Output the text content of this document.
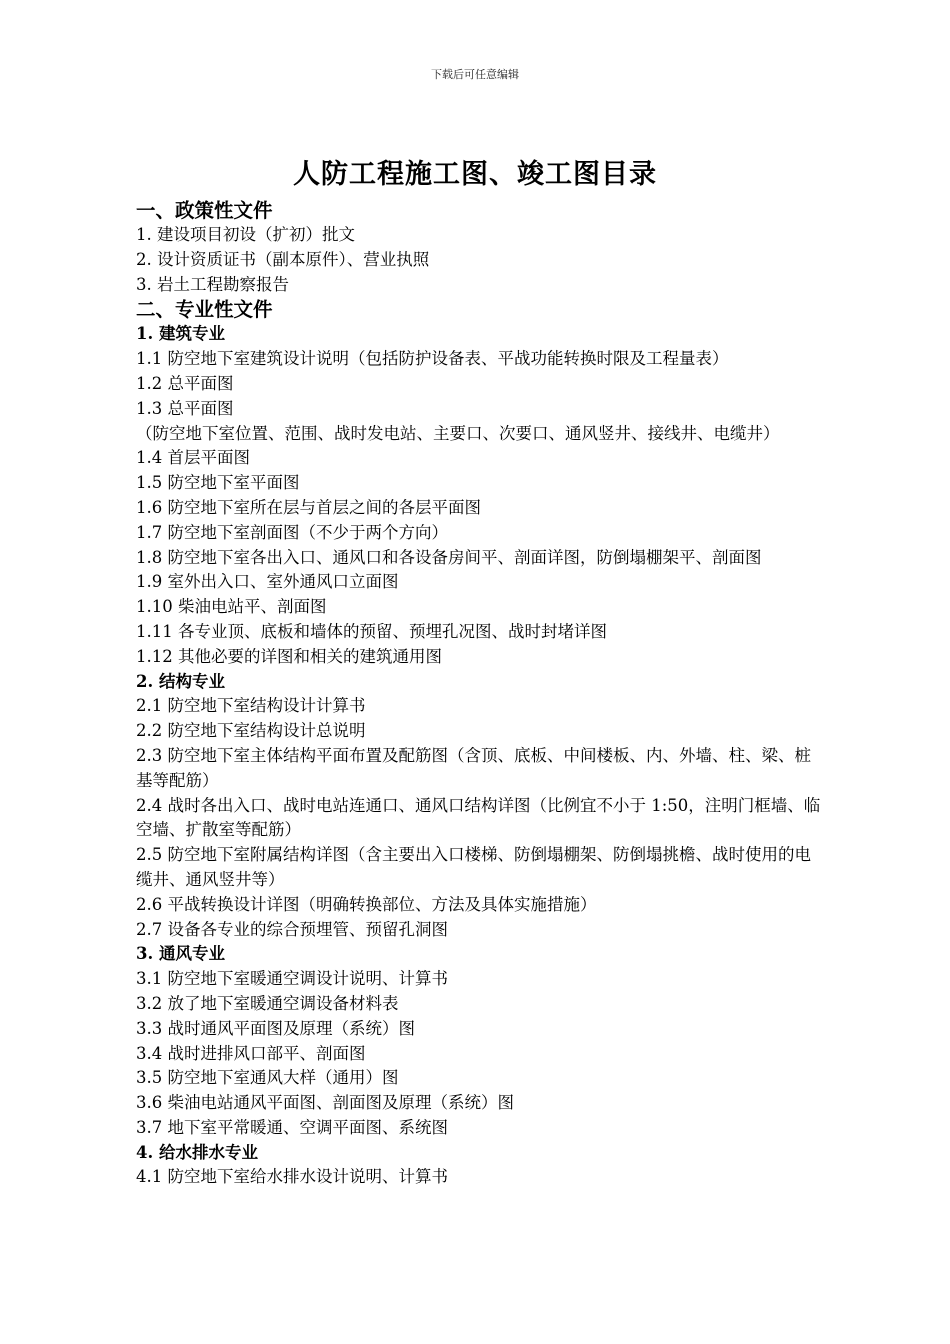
下载后可任意编辑
人防工程施工图、竣工图目录
一、政策性文件
1. 建设项目初设（扩初）批文
2. 设计资质证书（副本原件）、营业执照
3. 岩土工程勘察报告
二、专业性文件
1. 建筑专业
1.1 防空地下室建筑设计说明（包括防护设备表、平战功能转换时限及工程量表）
1.2 总平面图
1.3 总平面图
（防空地下室位置、范围、战时发电站、主要口、次要口、通风竖井、接线井、电缆井）
1.4 首层平面图
1.5 防空地下室平面图
1.6 防空地下室所在层与首层之间的各层平面图
1.7 防空地下室剖面图（不少于两个方向）
1.8 防空地下室各出入口、通风口和各设备房间平、剖面详图，防倒塌棚架平、剖面图
1.9 室外出入口、室外通风口立面图
1.10 柴油电站平、剖面图
1.11 各专业顶、底板和墙体的预留、预埋孔况图、战时封堵详图
1.12 其他必要的详图和相关的建筑通用图
2. 结构专业
2.1 防空地下室结构设计计算书
2.2 防空地下室结构设计总说明
2.3 防空地下室主体结构平面布置及配筋图（含顶、底板、中间楼板、内、外墙、柱、梁、桩基等配筋）
2.4 战时各出入口、战时电站连通口、通风口结构详图（比例宜不小于 1:50，注明门框墙、临空墙、扩散室等配筋）
2.5 防空地下室附属结构详图（含主要出入口楼梯、防倒塌棚架、防倒塌挑檐、战时使用的电缆井、通风竖井等）
2.6 平战转换设计详图（明确转换部位、方法及具体实施措施）
2.7 设备各专业的综合预埋管、预留孔洞图
3. 通风专业
3.1 防空地下室暖通空调设计说明、计算书
3.2 放了地下室暖通空调设备材料表
3.3 战时通风平面图及原理（系统）图
3.4 战时进排风口部平、剖面图
3.5 防空地下室通风大样（通用）图
3.6 柴油电站通风平面图、剖面图及原理（系统）图
3.7 地下室平常暖通、空调平面图、系统图
4. 给水排水专业
4.1 防空地下室给水排水设计说明、计算书
